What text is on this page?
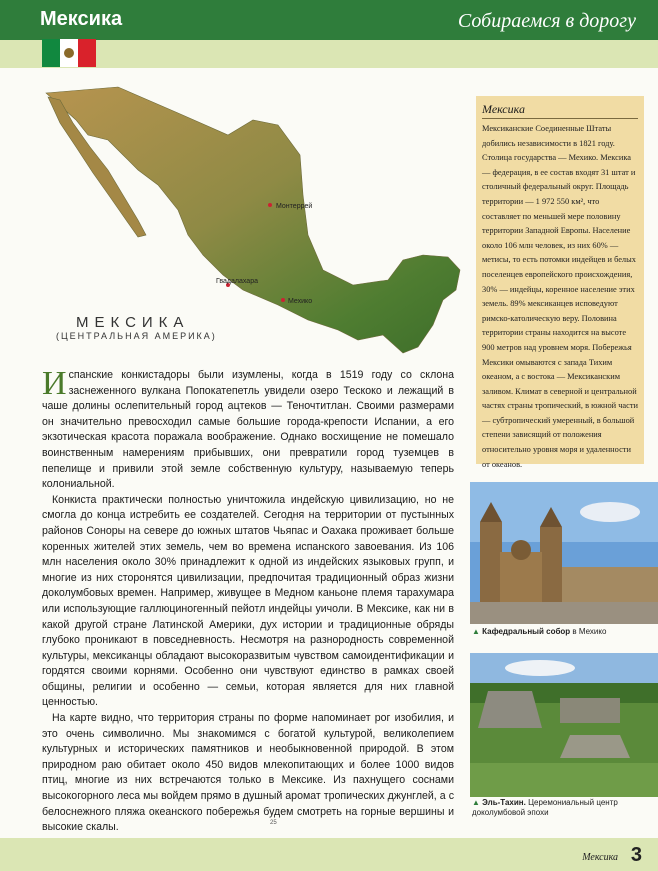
Мексика	Собираемся в дорогу
Монтеррей
Гвадалахара
Мехико
МЕКСИКА
(ЦЕНТРАЛЬНАЯ АМЕРИКА)
Мексика

Мексиканские Соединенные Штаты добились независимости в 1821 году. Столица государства — Мехико. Мексика — федерация, в ее состав входят 31 штат и столичный федеральный округ. Площадь территории — 1 972 550 км², что составляет по меньшей мере половину территории Западной Европы. Население около 106 млн человек, из них 60% — метисы, то есть потомки индейцев и белых поселенцев европейского происхождения, 30% — индейцы, коренное население этих земель. 89% мексиканцев исповедуют римско-католическую веру. Половина территории страны находится на высоте 900 метров над уровнем моря. Побережья Мексики омываются с запада Тихим океаном, а с востока — Мексиканским заливом. Климат в северной и центральной частях страны тропический, в южной части — субтропический умеренный, в большой степени зависящий от положения относительно уровня моря и удаленности от океанов.

Испанские конкистадоры были изумлены, когда в 1519 году со склона заснеженного вулкана Попокатепетль увидели озеро Тескоко и лежащий в чаше долины ослепительный город ацтеков — Теночтитлан. Своими размерами он значительно превосходил самые большие города-крепости Испании, а его экзотическая красота поражала воображение. Однако восхищение не помешало воинственным намерениям прибывших, они превратили город туземцев в пепелище и привили этой земле собственную культуру, называемую теперь колониальной.

Конкиста практически полностью уничтожила индейскую цивилизацию, но не смогла до конца истребить ее создателей. Сегодня на территории от пустынных районов Соноры на севере до южных штатов Чьяпас и Оахака проживает больше коренных жителей этих земель, чем во времена испанского завоевания. Из 106 млн населения около 30% принадлежит к одной из индейских языковых групп, и многие из них сторонятся цивилизации, предпочитая традиционный образ жизни доколумбовых времен. Например, живущее в Медном каньоне племя тарахумара или использующие галлюциногенный пейотл индейцы уичоли. В Мексике, как ни в какой другой стране Латинской Америки, дух истории и традиционные обряды глубоко проникают в повседневность. Несмотря на разнородность современной культуры, мексиканцы обладают высокоразвитым чувством самоидентификации и гордятся своими корнями. Особенно они чувствуют единство в рамках своей общины, религии и особенно — семьи, которая является для них главной ценностью.

На карте видно, что территория страны по форме напоминает рог изобилия, и это очень символично. Мы знакомимся с богатой культурой, великолепием культурных и исторических памятников и необыкновенной природой. В этом природном раю обитает около 450 видов млекопитающих и более 1000 видов птиц, многие из них встречаются только в Мексике. Из пахнущего соснами высокогорного леса мы войдем прямо в душный аромат тропических джунглей, а с белоснежного пляжа океанского побережья будем смотреть на горные вершины и высокие скалы.

▲ Кафедральный собор в Мехико
▲ Эль-Тахин. Церемониальный центр доколумбовой эпохи
25
Мексика 3
